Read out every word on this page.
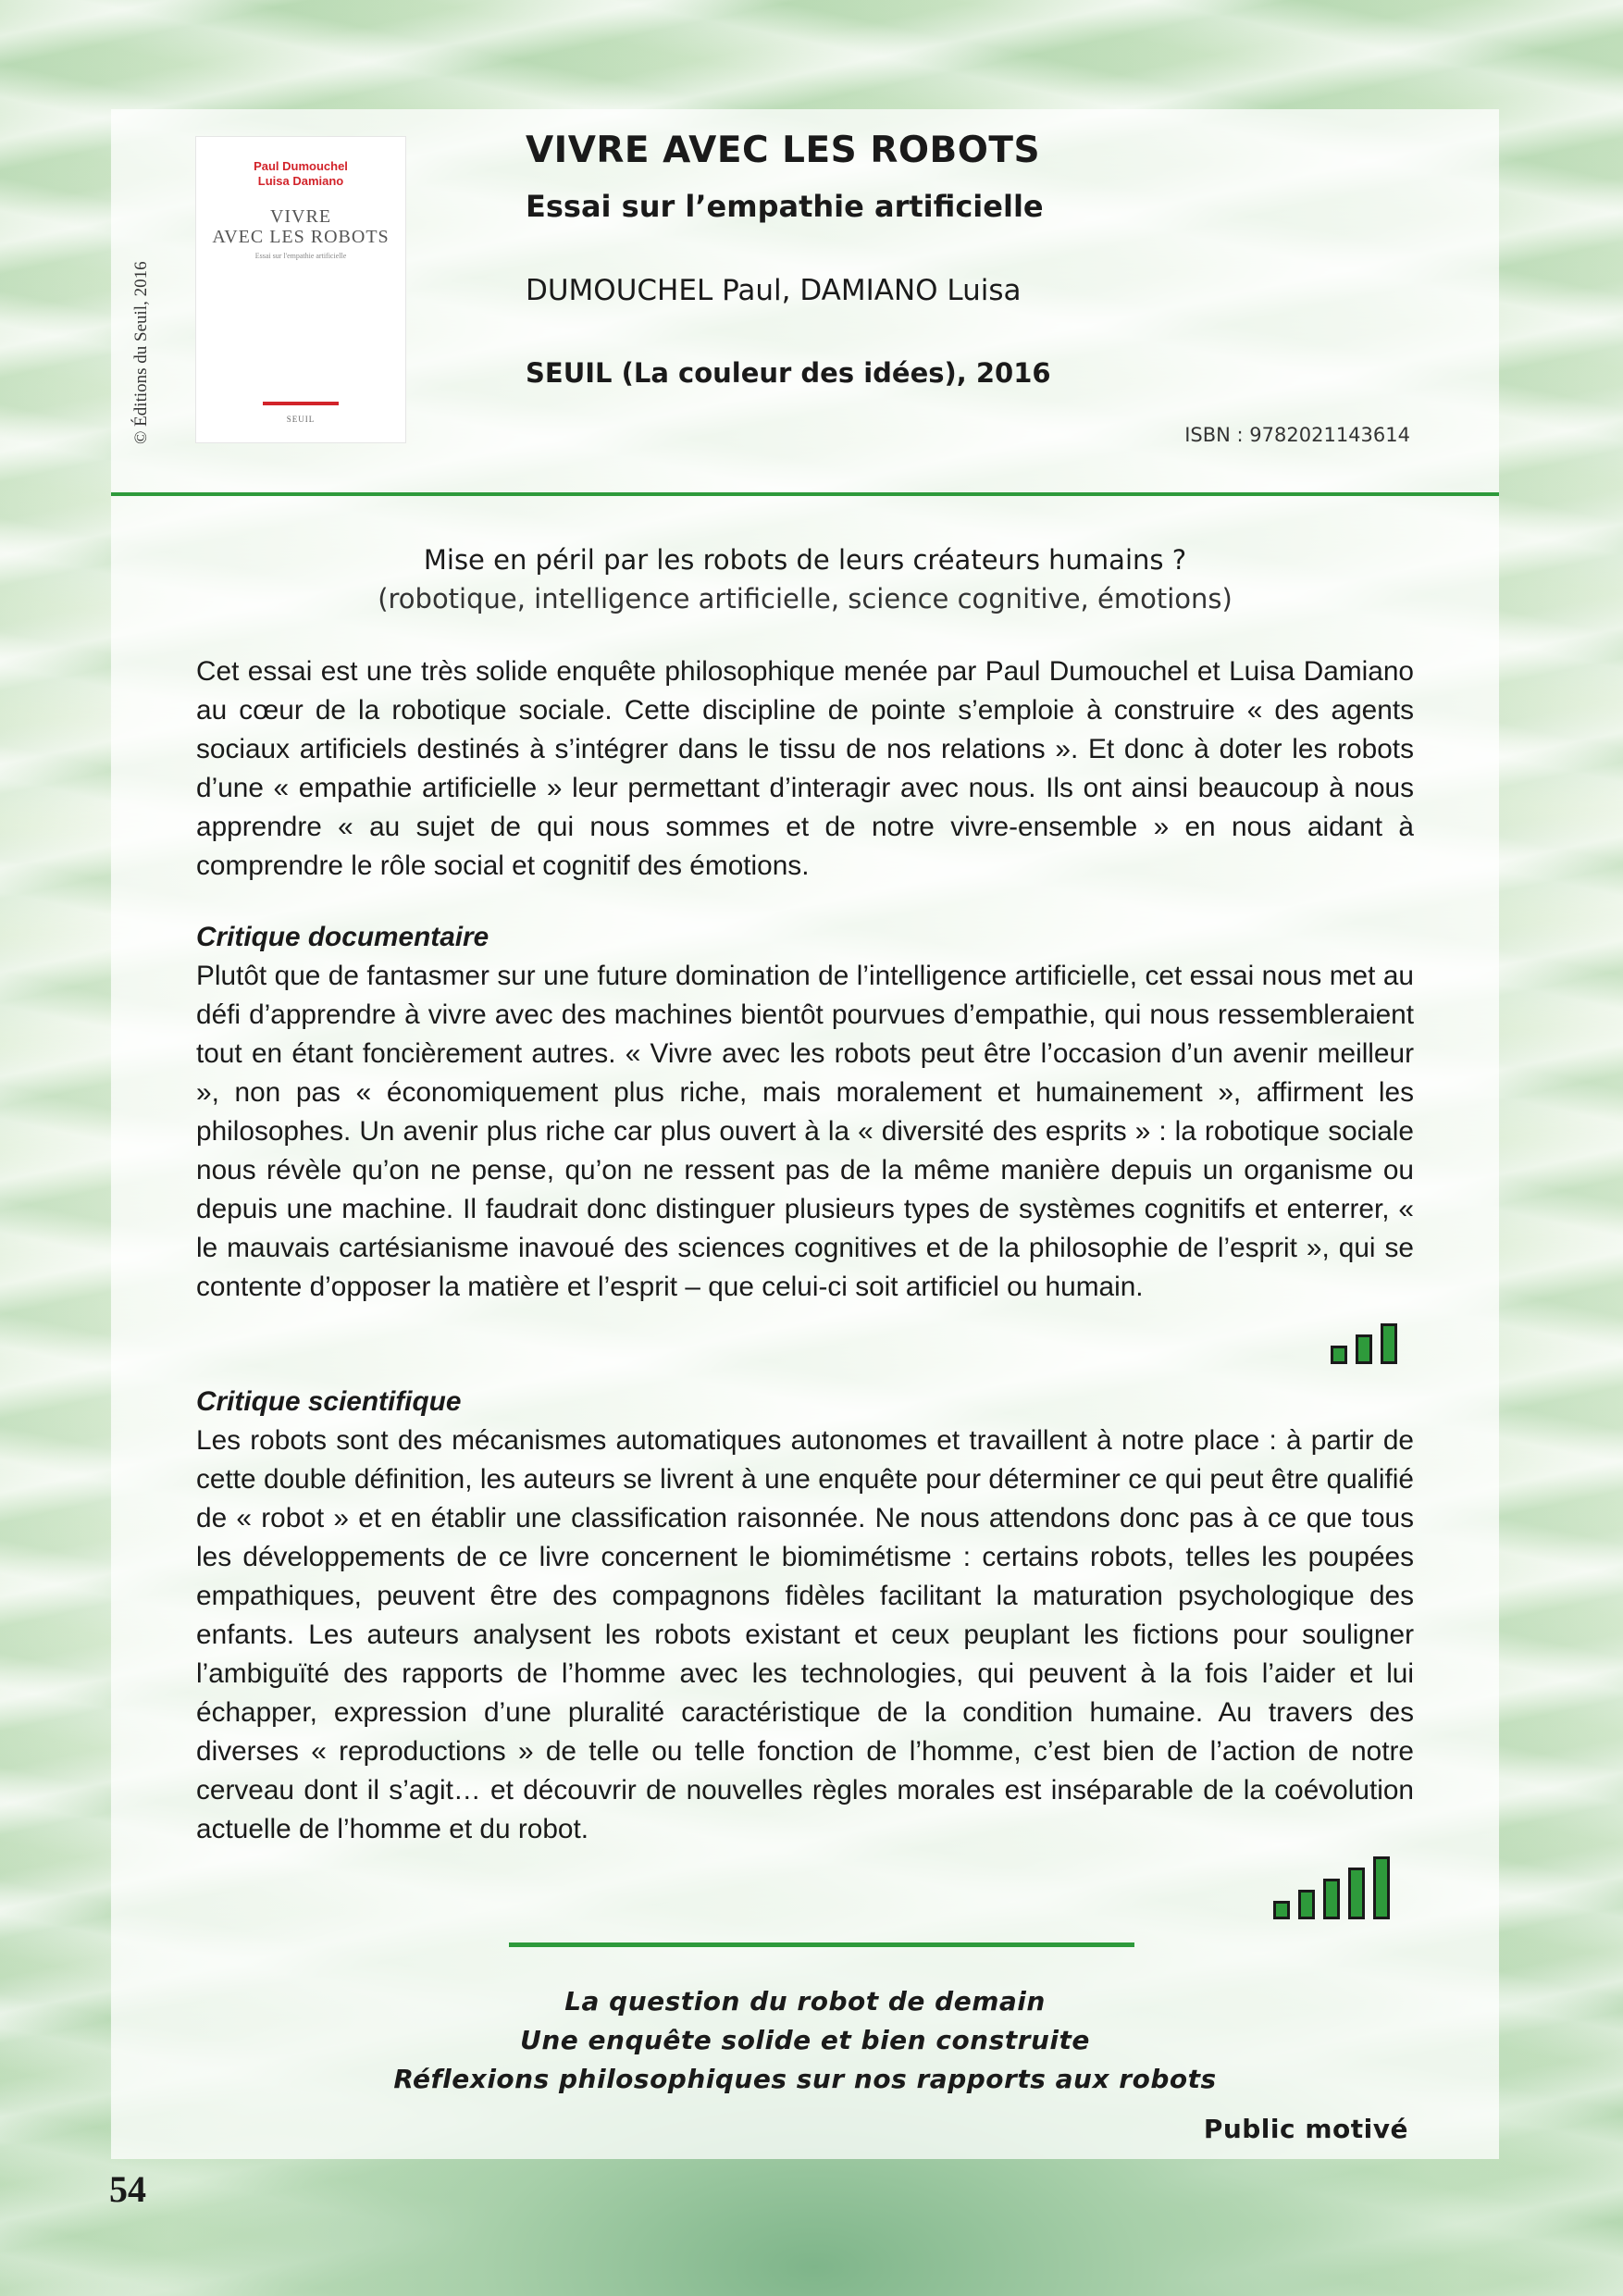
© Éditions du Seuil, 2016
Paul Dumouchel
Luisa Damiano
VIVRE
AVEC LES ROBOTS
Essai sur l'empathie artificielle
SEUIL
VIVRE AVEC LES ROBOTS
Essai sur l’empathie artificielle
DUMOUCHEL Paul, DAMIANO Luisa
SEUIL (La couleur des idées), 2016
ISBN : 9782021143614
Mise en péril par les robots de leurs créateurs humains ?
(robotique, intelligence artificielle, science cognitive, émotions)
Cet essai est une très solide enquête philosophique menée par Paul Dumouchel et Luisa Damiano au cœur de la robotique sociale. Cette discipline de pointe s’emploie à construire « des agents sociaux artificiels destinés à s’intégrer dans le tissu de nos relations ». Et donc à doter les robots d’une « empathie artificielle » leur permettant d’interagir avec nous. Ils ont ainsi beaucoup à nous apprendre « au sujet de qui nous sommes et de notre vivre-ensemble » en nous aidant à comprendre le rôle social et cognitif des émotions.
Critique documentaire
Plutôt que de fantasmer sur une future domination de l’intelligence artificielle, cet essai nous met au défi d’apprendre à vivre avec des machines bientôt pourvues d’empathie, qui nous ressembleraient tout en étant foncièrement autres. « Vivre avec les robots peut être l’occasion d’un avenir meilleur », non pas « économiquement plus riche, mais moralement et humainement », affirment les philosophes. Un avenir plus riche car plus ouvert à la « diversité des esprits » : la robotique sociale nous révèle qu’on ne pense, qu’on ne ressent pas de la même manière depuis un organisme ou depuis une machine. Il faudrait donc distinguer plusieurs types de systèmes cognitifs et enterrer, « le mauvais cartésianisme inavoué des sciences cognitives et de la philosophie de l’esprit », qui se contente d’opposer la matière et l’esprit – que celui-ci soit artificiel ou humain.
Critique scientifique
Les robots sont des mécanismes automatiques autonomes et travaillent à notre place : à partir de cette double définition, les auteurs se livrent à une enquête pour déterminer ce qui peut être qualifié de « robot » et en établir une classification raisonnée. Ne nous attendons donc pas à ce que tous les développements de ce livre concernent le biomimétisme : certains robots, telles les poupées empathiques, peuvent être des compagnons fidèles facilitant la maturation psychologique des enfants. Les auteurs analysent les robots existant et ceux peuplant les fictions pour souligner l’ambiguïté des rapports de l’homme avec les technologies, qui peuvent à la fois l’aider et lui échapper, expression d’une pluralité caractéristique de la condition humaine. Au travers des diverses « reproductions » de telle ou telle fonction de l’homme, c’est bien de l’action de notre cerveau dont il s’agit… et découvrir de nouvelles règles morales est inséparable de la coévolution actuelle de l’homme et du robot.
La question du robot de demain
Une enquête solide et bien construite
Réflexions philosophiques sur nos rapports aux robots
Public motivé
54
